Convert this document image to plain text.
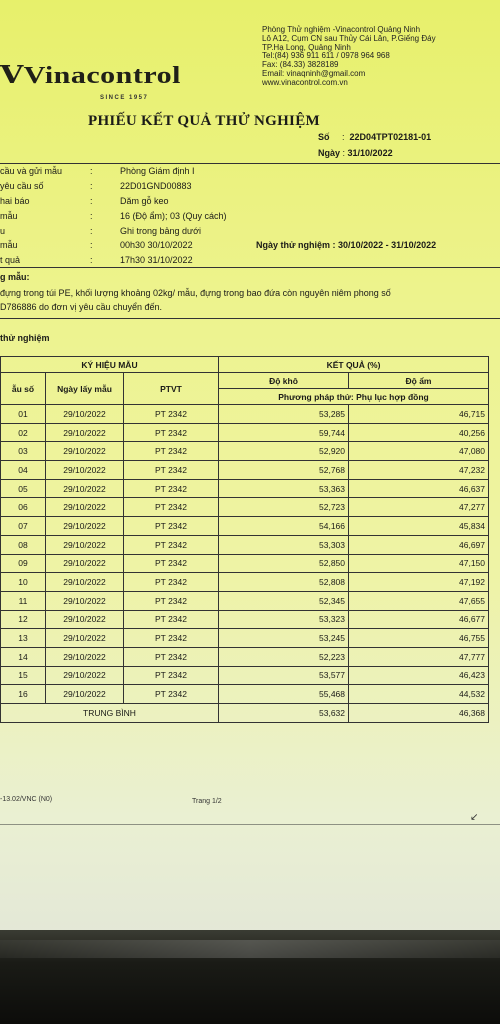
ⅤVinacontrol
SINCE 1957
Phòng Thử nghiệm -Vinacontrol Quảng Ninh
Lô A12, Cụm CN sau Thủy Cái Lân, P.Giếng Đáy
TP.Hạ Long, Quảng Ninh
Tel:(84) 936 911 611 / 0978 964 968
Fax: (84.33) 3828189
Email: vinaqninh@gmail.com
www.vinacontrol.com.vn
PHIẾU KẾT QUẢ THỬ NGHIỆM
Số :  22D04TPT02181-01
Ngày : 31/10/2022
cầu và gửi mẫu	:	Phòng Giám định I
yêu cầu số	:	22D01GND00883
hai báo	:	Dăm gỗ keo
mẫu	:	16 (Độ ẩm); 03 (Quy cách)
u	:	Ghi trong bảng dưới
mẫu	:	00h30 30/10/2022	Ngày thử nghiệm : 30/10/2022 - 31/10/2022
t quả	:	17h30 31/10/2022
g mẫu:
đựng trong túi PE, khối lượng khoảng 02kg/ mẫu, đựng trong bao đứa còn nguyên niêm phong số
D786886 do đơn vị yêu cầu chuyển đến.
thử nghiệm
KÝ HIỆU MẪU			KẾT QUẢ (%)	
ẫu số	Ngày lấy mẫu	PTVT	Độ khô	Độ ẩm
			Phương pháp thử: Phụ lục hợp đồng	
01	29/10/2022	PT 2342	53,285	46,715
02	29/10/2022	PT 2342	59,744	40,256
03	29/10/2022	PT 2342	52,920	47,080
04	29/10/2022	PT 2342	52,768	47,232
05	29/10/2022	PT 2342	53,363	46,637
06	29/10/2022	PT 2342	52,723	47,277
07	29/10/2022	PT 2342	54,166	45,834
08	29/10/2022	PT 2342	53,303	46,697
09	29/10/2022	PT 2342	52,850	47,150
10	29/10/2022	PT 2342	52,808	47,192
11	29/10/2022	PT 2342	52,345	47,655
12	29/10/2022	PT 2342	53,323	46,677
13	29/10/2022	PT 2342	53,245	46,755
14	29/10/2022	PT 2342	52,223	47,777
15	29/10/2022	PT 2342	53,577	46,423
16	29/10/2022	PT 2342	55,468	44,532
TRUNG BÌNH			53,632	46,368
-13.02/VNC (N0)	Trang 1/2
↙
